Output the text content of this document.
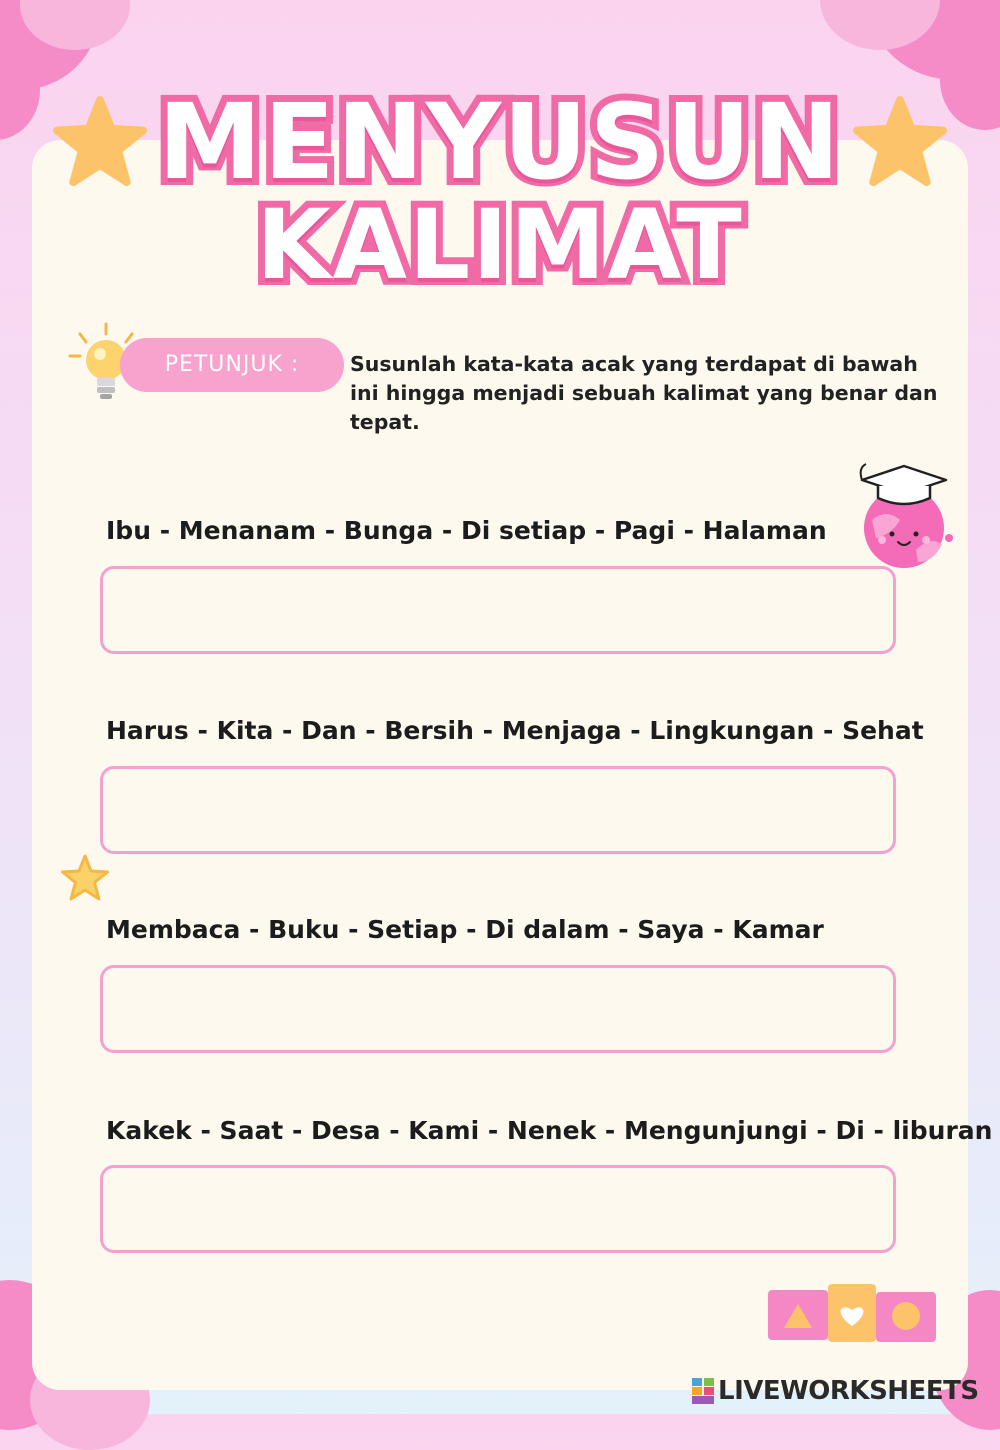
MENYUSUN
KALIMAT
PETUNJUK :	Susunlah kata-kata acak yang terdapat di bawah ini hingga menjadi sebuah kalimat yang benar dan tepat.
Ibu - Menanam - Bunga - Di setiap - Pagi - Halaman
Harus - Kita - Dan - Bersih - Menjaga - Lingkungan - Sehat
Membaca - Buku - Setiap - Di dalam - Saya - Kamar
Kakek - Saat - Desa - Kami - Nenek - Mengunjungi - Di - liburan
LIVEWORKSHEETS
